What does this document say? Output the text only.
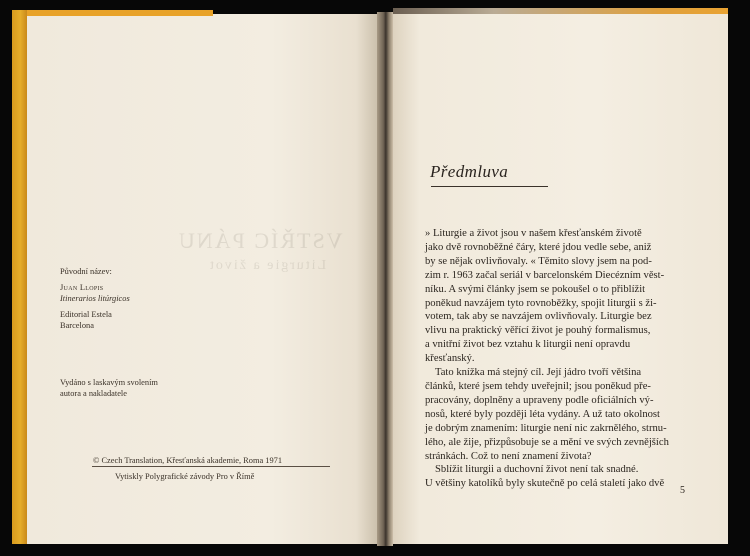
VSTŘÍC PÁNU
Liturgie a život
Původní název:
Juan Llopis
Itinerarios litúrgicos
Editorial Estela
Barcelona
Vydáno s laskavým svolením
autora a nakladatele
© Czech Translation, Křesťanská akademie, Roma 1971
Vytiskly Polygrafické závody Pro v Římě
Předmluva
» Liturgie a život jsou v našem křesťanském životě
jako dvě rovnoběžné čáry, které jdou vedle sebe, aniž
by se nějak ovlivňovaly. « Těmito slovy jsem na pod-
zim r. 1963 začal seriál v barcelonském Diecézním věst-
níku. A svými články jsem se pokoušel o to přiblížit
poněkud navzájem tyto rovnoběžky, spojit liturgii s ži-
votem, tak aby se navzájem ovlivňovaly. Liturgie bez
vlivu na praktický věřící život je pouhý formalismus,
a vnitřní život bez vztahu k liturgii není opravdu
křesťanský.
Tato knížka má stejný cíl. Její jádro tvoří většina
článků, které jsem tehdy uveřejnil; jsou poněkud pře-
pracovány, doplněny a upraveny podle oficiálních vý-
nosů, které byly později léta vydány. A už tato okolnost
je dobrým znamením: liturgie není nic zakrnělého, strnu-
lého, ale žije, přizpůsobuje se a mění ve svých zevnějších
stránkách. Což to není znamení života?
Sblížit liturgii a duchovní život není tak snadné.
U většiny katolíků byly skutečně po celá staletí jako dvě
5
